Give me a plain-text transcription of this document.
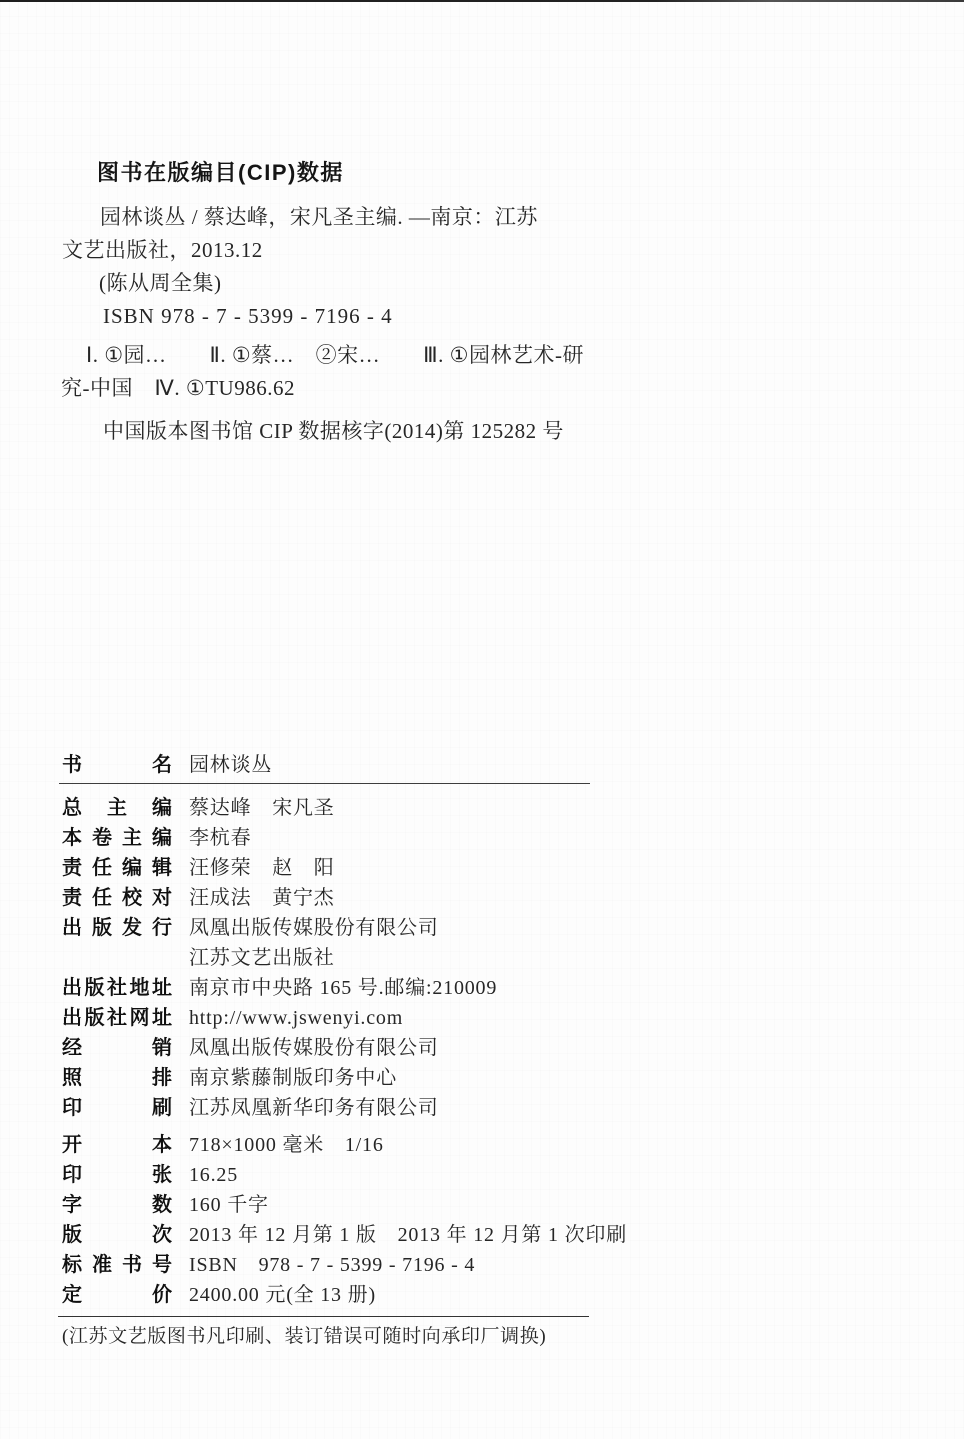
图书在版编目(CIP)数据
园林谈丛 / 蔡达峰，宋凡圣主编. —南京：江苏
文艺出版社，2013.12
(陈从周全集)
ISBN 978 - 7 - 5399 - 7196 - 4
Ⅰ. ①园…　　Ⅱ. ①蔡…　②宋…　　Ⅲ. ①园林艺术-研
究-中国　Ⅳ. ①TU986.62
中国版本图书馆 CIP 数据核字(2014)第 125282 号
书	名 园林谈丛
总 主 编 蔡达峰　宋凡圣
本 卷 主 编 李杭春
责 任 编 辑 汪修荣　赵　阳
责 任 校 对 汪成法　黄宁杰
出 版 发 行 凤凰出版传媒股份有限公司
江苏文艺出版社
出 版 社 地 址 南京市中央路 165 号.邮编:210009
出 版 社 网 址 http://www.jswenyi.com
经	销 凤凰出版传媒股份有限公司
照	排 南京紫藤制版印务中心
印	刷 江苏凤凰新华印务有限公司
开	本 718×1000 毫米　1/16
印	张 16.25
字	数 160 千字
版	次 2013 年 12 月第 1 版　2013 年 12 月第 1 次印刷
标 准 书 号 ISBN　978 - 7 - 5399 - 7196 - 4
定	价 2400.00 元(全 13 册)
(江苏文艺版图书凡印刷、装订错误可随时向承印厂调换)
